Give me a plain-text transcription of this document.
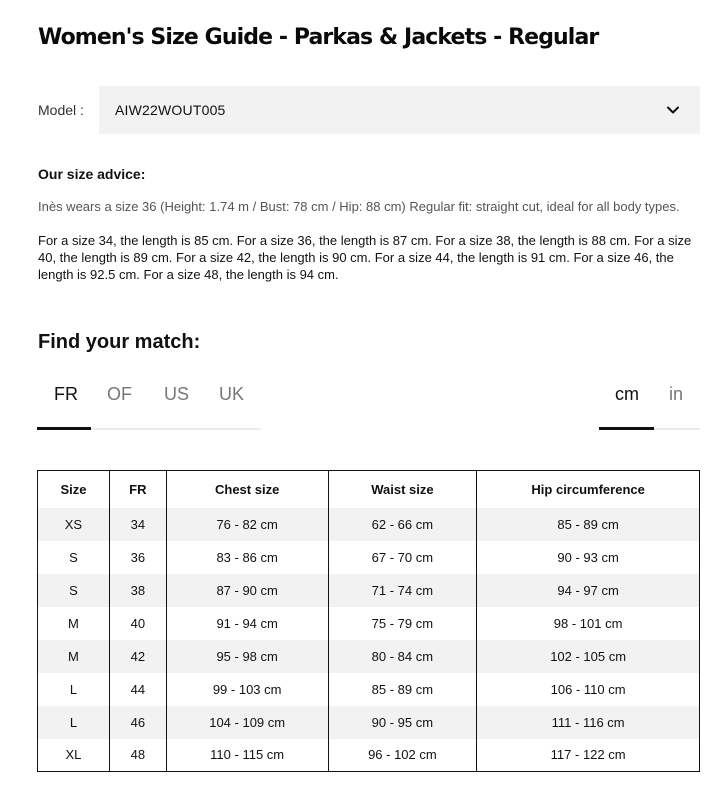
Women's Size Guide - Parkas & Jackets - Regular
Model : AIW22WOUT005
Our size advice:

Inès wears a size 36 (Height: 1.74 m / Bust: 78 cm / Hip: 88 cm) Regular fit: straight cut, ideal for all body types.

For a size 34, the length is 85 cm. For a size 36, the length is 87 cm. For a size 38, the length is 88 cm. For a size 40, the length is 89 cm. For a size 42, the length is 90 cm. For a size 44, the length is 91 cm. For a size 46, the length is 92.5 cm. For a size 48, the length is 94 cm.

Find your match:
FR OF US UK	cm in
Size	FR	Chest size	Waist size	Hip circumference
XS	34	76 - 82 cm	62 - 66 cm	85 - 89 cm
S	36	83 - 86 cm	67 - 70 cm	90 - 93 cm
S	38	87 - 90 cm	71 - 74 cm	94 - 97 cm
M	40	91 - 94 cm	75 - 79 cm	98 - 101 cm
M	42	95 - 98 cm	80 - 84 cm	102 - 105 cm
L	44	99 - 103 cm	85 - 89 cm	106 - 110 cm
L	46	104 - 109 cm	90 - 95 cm	111 - 116 cm
XL	48	110 - 115 cm	96 - 102 cm	117 - 122 cm
